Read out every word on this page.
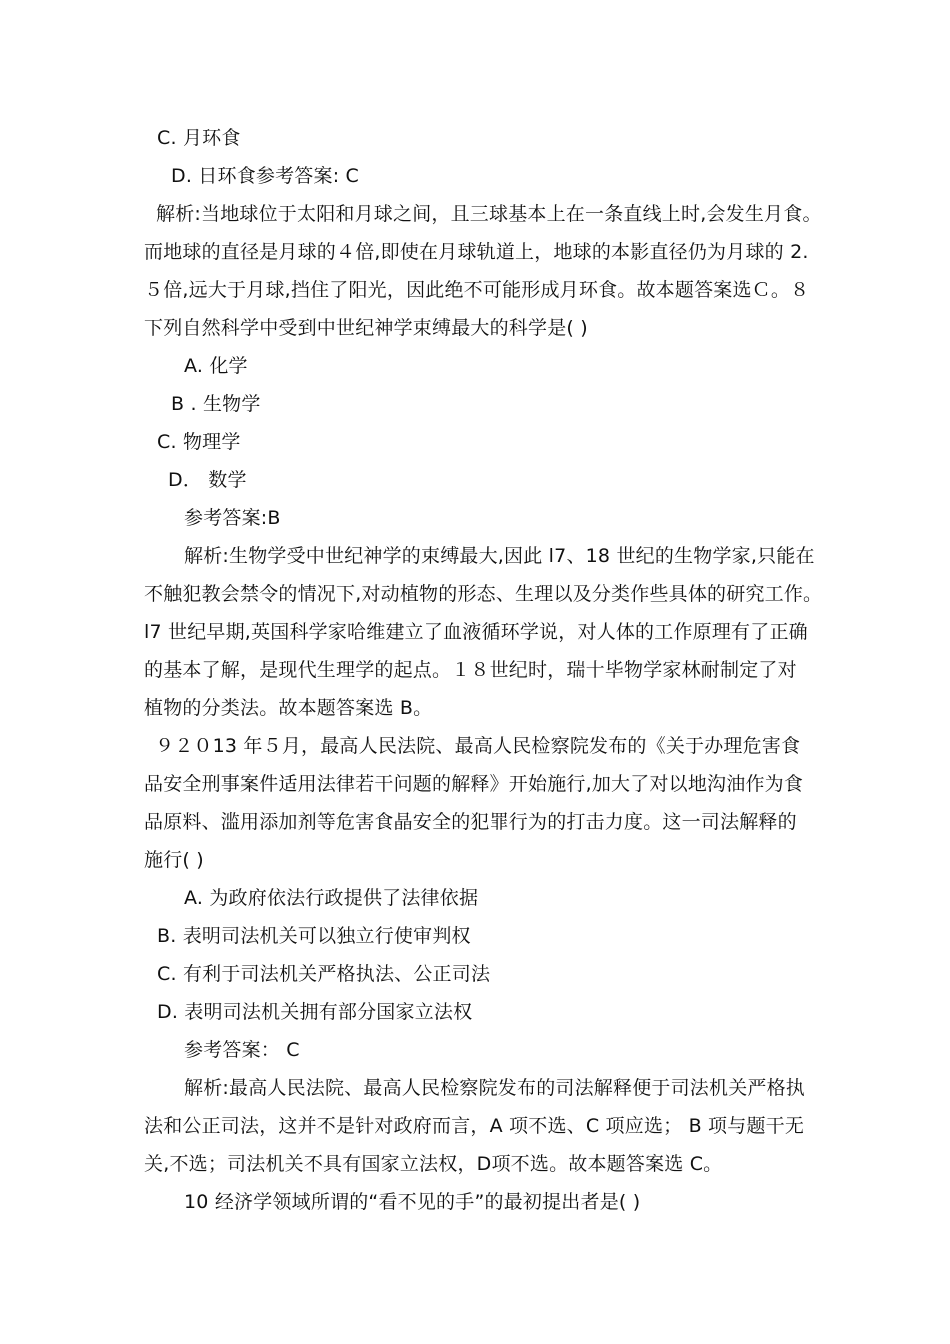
C. 月环食
D. 日环食参考答案: C
解析:当地球位于太阳和月球之间，且三球基本上在一条直线上时,会发生月食。
而地球的直径是月球的４倍,即使在月球轨道上，地球的本影直径仍为月球的 2.
５倍,远大于月球,挡住了阳光，因此绝不可能形成月环食。故本题答案选Ｃ。８
下列自然科学中受到中世纪神学束缚最大的科学是( )
A. 化学
B . 生物学
C. 物理学
D． 数学
参考答案:B
解析:生物学受中世纪神学的束缚最大,因此 l7、18 世纪的生物学家,只能在
不触犯教会禁令的情况下,对动植物的形态、生理以及分类作些具体的研究工作。
l7 世纪早期,英国科学家哈维建立了血液循环学说，对人体的工作原理有了正确
的基本了解，是现代生理学的起点。１８世纪时，瑞十毕物学家林耐制定了对
植物的分类法。故本题答案选 B。
９２０13 年５月，最高人民法院、最高人民检察院发布的《关于办理危害食
品安全刑事案件适用法律若干问题的解释》开始施行,加大了对以地沟油作为食
品原料、滥用添加剂等危害食晶安全的犯罪行为的打击力度。这一司法解释的
施行( )
A. 为政府依法行政提供了法律依据
B. 表明司法机关可以独立行使审判权
C. 有利于司法机关严格执法、公正司法
D. 表明司法机关拥有部分国家立法权
参考答案： C
解析:最高人民法院、最高人民检察院发布的司法解释便于司法机关严格执
法和公正司法，这并不是针对政府而言，A 项不选、C 项应选； B 项与题干无
关,不选；司法机关不具有国家立法权，D项不选。故本题答案选 C。
10 经济学领域所谓的“看不见的手”的最初提出者是( )
